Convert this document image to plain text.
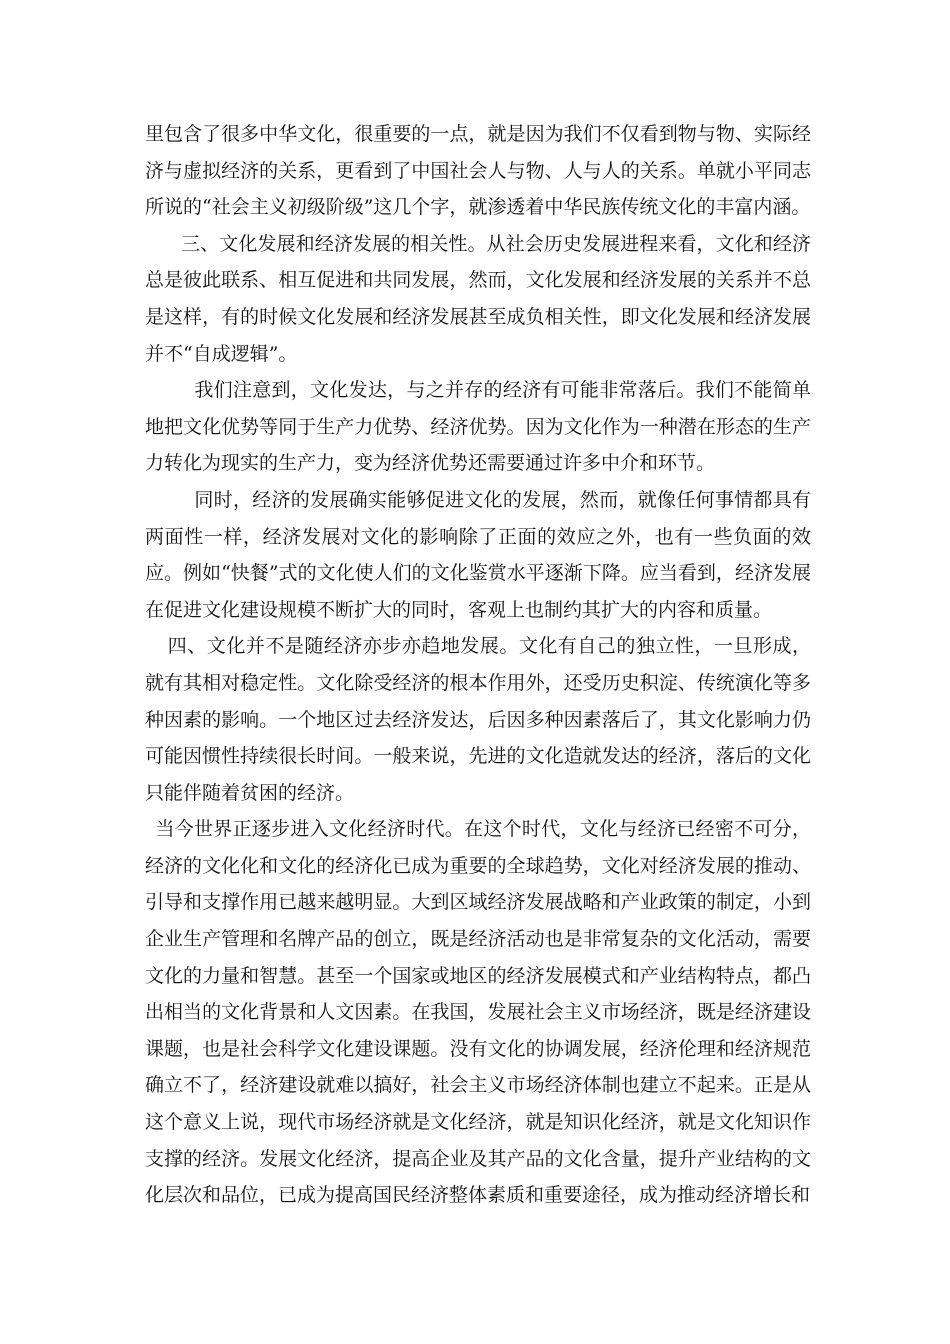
里包含了很多中华文化，很重要的一点，就是因为我们不仅看到物与物、实际经济与虚拟经济的关系，更看到了中国社会人与物、人与人的关系。单就小平同志所说的“社会主义初级阶级”这几个字，就渗透着中华民族传统文化的丰富内涵。

三、文化发展和经济发展的相关性。从社会历史发展进程来看，文化和经济总是彼此联系、相互促进和共同发展，然而，文化发展和经济发展的关系并不总是这样，有的时候文化发展和经济发展甚至成负相关性，即文化发展和经济发展并不“自成逻辑”。

我们注意到，文化发达，与之并存的经济有可能非常落后。我们不能简单地把文化优势等同于生产力优势、经济优势。因为文化作为一种潜在形态的生产力转化为现实的生产力，变为经济优势还需要通过许多中介和环节。

同时，经济的发展确实能够促进文化的发展，然而，就像任何事情都具有两面性一样，经济发展对文化的影响除了正面的效应之外，也有一些负面的效应。例如“快餐”式的文化使人们的文化鉴赏水平逐渐下降。应当看到，经济发展在促进文化建设规模不断扩大的同时，客观上也制约其扩大的内容和质量。

四、文化并不是随经济亦步亦趋地发展。文化有自己的独立性，一旦形成，就有其相对稳定性。文化除受经济的根本作用外，还受历史积淀、传统演化等多种因素的影响。一个地区过去经济发达，后因多种因素落后了，其文化影响力仍可能因惯性持续很长时间。一般来说，先进的文化造就发达的经济，落后的文化只能伴随着贫困的经济。

当今世界正逐步进入文化经济时代。在这个时代，文化与经济已经密不可分，经济的文化化和文化的经济化已成为重要的全球趋势，文化对经济发展的推动、引导和支撑作用已越来越明显。大到区域经济发展战略和产业政策的制定，小到企业生产管理和名牌产品的创立，既是经济活动也是非常复杂的文化活动，需要文化的力量和智慧。甚至一个国家或地区的经济发展模式和产业结构特点，都凸出相当的文化背景和人文因素。在我国，发展社会主义市场经济，既是经济建设课题，也是社会科学文化建设课题。没有文化的协调发展，经济伦理和经济规范确立不了，经济建设就难以搞好，社会主义市场经济体制也建立不起来。正是从这个意义上说，现代市场经济就是文化经济，就是知识化经济，就是文化知识作支撑的经济。发展文化经济，提高企业及其产品的文化含量，提升产业结构的文化层次和品位，已成为提高国民经济整体素质和重要途径，成为推动经济增长和
